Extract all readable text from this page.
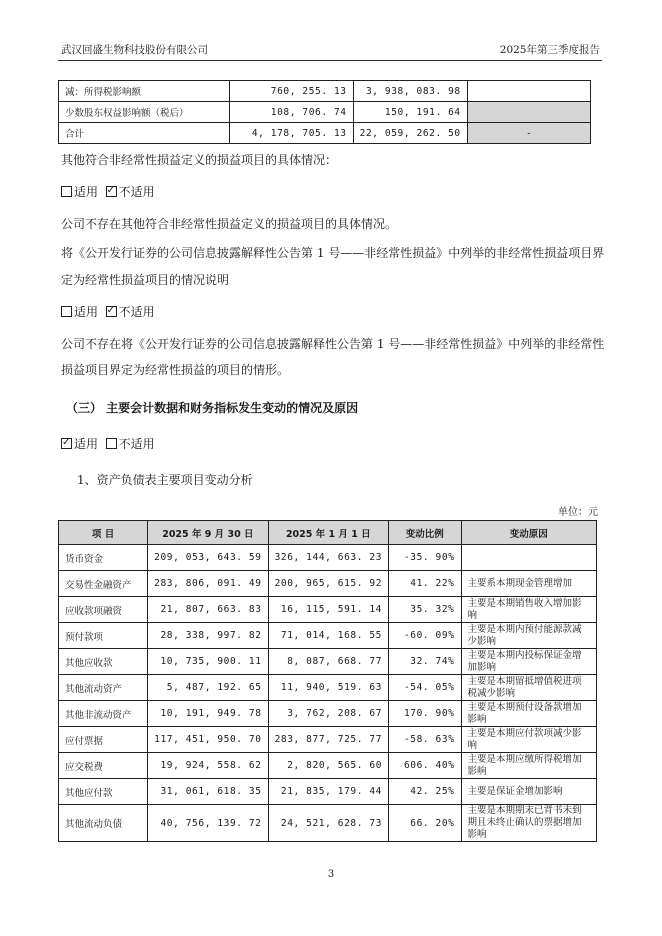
武汉回盛生物科技股份有限公司	2025年第三季度报告
减：所得税影响额	760, 255. 13	3, 938, 083. 98	
少数股东权益影响额（税后）	108, 706. 74	150, 191. 64	
合计	4, 178, 705. 13	22, 059, 262. 50	-
其他符合非经常性损益定义的损益项目的具体情况：
适用 ✓ 不适用
公司不存在其他符合非经常性损益定义的损益项目的具体情况。
将《公开发行证券的公司信息披露解释性公告第 1 号——非经常性损益》中列举的非经常性损益项目界
定为经常性损益项目的情况说明
适用 ✓ 不适用
公司不存在将《公开发行证券的公司信息披露解释性公告第 1 号——非经常性损益》中列举的非经常性
损益项目界定为经常性损益的项目的情形。
（三） 主要会计数据和财务指标发生变动的情况及原因
✓适用 不适用
1、资产负债表主要项目变动分析
单位：元
项 目	2025 年 9 月 30 日	2025 年 1 月 1 日	变动比例	变动原因
货币资金	209, 053, 643. 59	326, 144, 663. 23	-35. 90%	
交易性金融资产	283, 806, 091. 49	200, 965, 615. 92	41. 22%	主要系本期现金管理增加
应收款项融资	21, 807, 663. 83	16, 115, 591. 14	35. 32%	主要是本期销售收入增加影响
预付款项	28, 338, 997. 82	71, 014, 168. 55	-60. 09%	主要是本期内预付能源款减少影响
其他应收款	10, 735, 900. 11	8, 087, 668. 77	32. 74%	主要是本期内投标保证金增加影响
其他流动资产	5, 487, 192. 65	11, 940, 519. 63	-54. 05%	主要是本期留抵增值税进项税减少影响
其他非流动资产	10, 191, 949. 78	3, 762, 208. 67	170. 90%	主要是本期预付设备款增加影响
应付票据	117, 451, 950. 70	283, 877, 725. 77	-58. 63%	主要是本期应付款项减少影响
应交税费	19, 924, 558. 62	2, 820, 565. 60	606. 40%	主要是本期应缴所得税增加影响
其他应付款	31, 061, 618. 35	21, 835, 179. 44	42. 25%	主要是保证金增加影响
其他流动负债	40, 756, 139. 72	24, 521, 628. 73	66. 20%	主要是本期期末已背书未到期且未终止确认的票据增加影响
3
